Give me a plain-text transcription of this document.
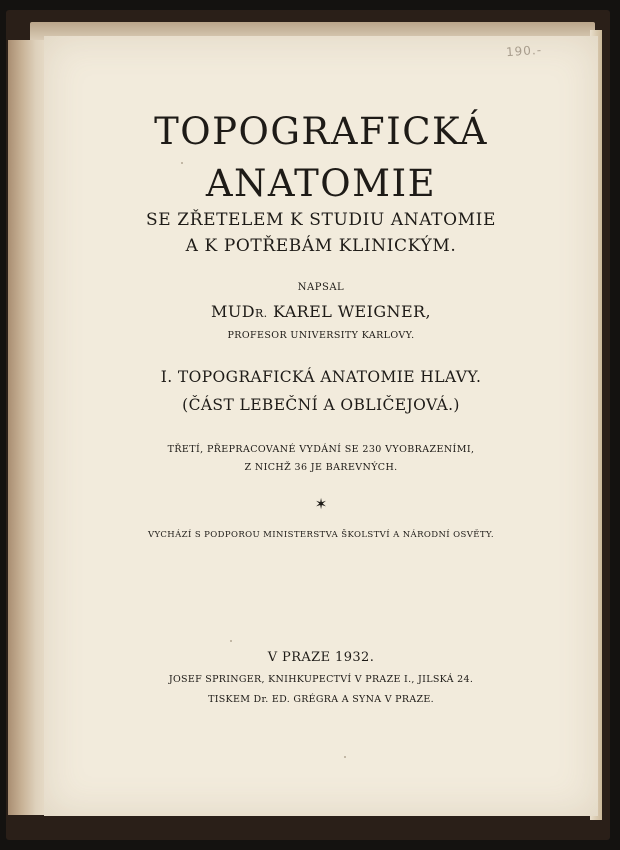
190.-
TOPOGRAFICKÁ
ANATOMIE

SE ZŘETELEM K STUDIU ANATOMIE

A K POTŘEBÁM KLINICKÝM.

NAPSAL

MUDR. KAREL WEIGNER,

PROFESOR UNIVERSITY KARLOVY.

I. TOPOGRAFICKÁ ANATOMIE HLAVY.

(ČÁST LEBEČNÍ A OBLIČEJOVÁ.)

TŘETÍ, PŘEPRACOVANÉ VYDÁNÍ SE 230 VYOBRAZENÍMI,

Z NICHŽ 36 JE BAREVNÝCH.

✶

VYCHÁZÍ S PODPOROU MINISTERSTVA ŠKOLSTVÍ A NÁRODNÍ OSVĚTY.

V PRAZE 1932.

JOSEF SPRINGER, KNIHKUPECTVÍ V PRAZE I., JILSKÁ 24.

TISKEM Dr. ED. GRÉGRA A SYNA V PRAZE.
